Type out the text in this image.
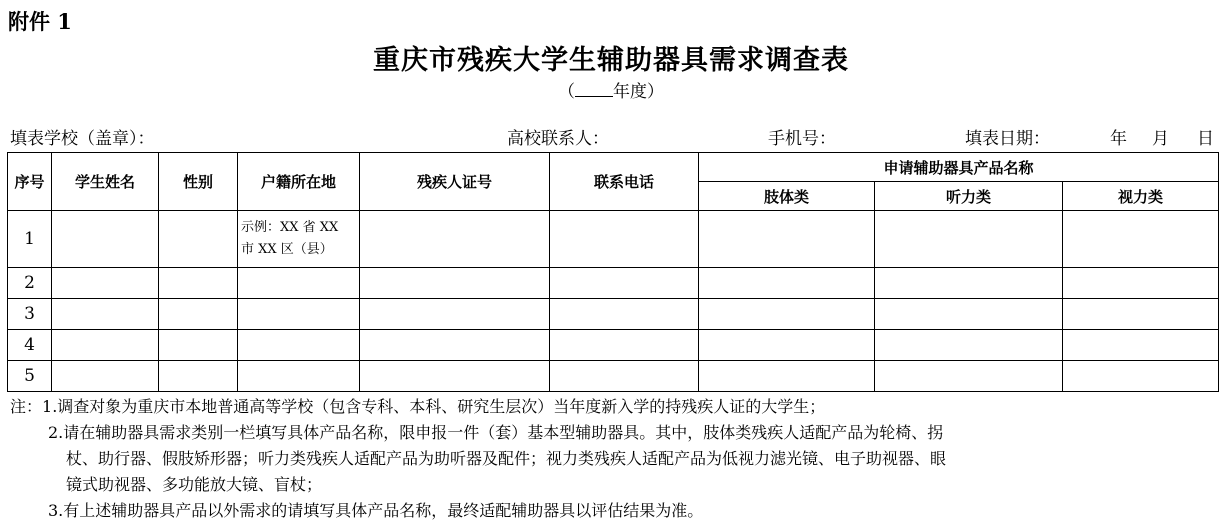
附件 1
重庆市残疾大学生辅助器具需求调查表
（ 年度）
填表学校（盖章）：	高校联系人：	手机号：	填表日期：	年 月 日
序号	学生姓名	性别	户籍所在地	残疾人证号	联系电话	申请辅助器具产品名称		
						肢体类	听力类	视力类
1			示例：XX 省 XX
市 XX 区（县）					

2								
3								
4								
5								
注：1.调查对象为重庆市本地普通高等学校（包含专科、本科、研究生层次）当年度新入学的持残疾人证的大学生；
2.请在辅助器具需求类别一栏填写具体产品名称，限申报一件（套）基本型辅助器具。其中，肢体类残疾人适配产品为轮椅、拐
杖、助行器、假肢矫形器；听力类残疾人适配产品为助听器及配件；视力类残疾人适配产品为低视力滤光镜、电子助视器、眼
镜式助视器、多功能放大镜、盲杖；
3.有上述辅助器具产品以外需求的请填写具体产品名称，最终适配辅助器具以评估结果为准。
